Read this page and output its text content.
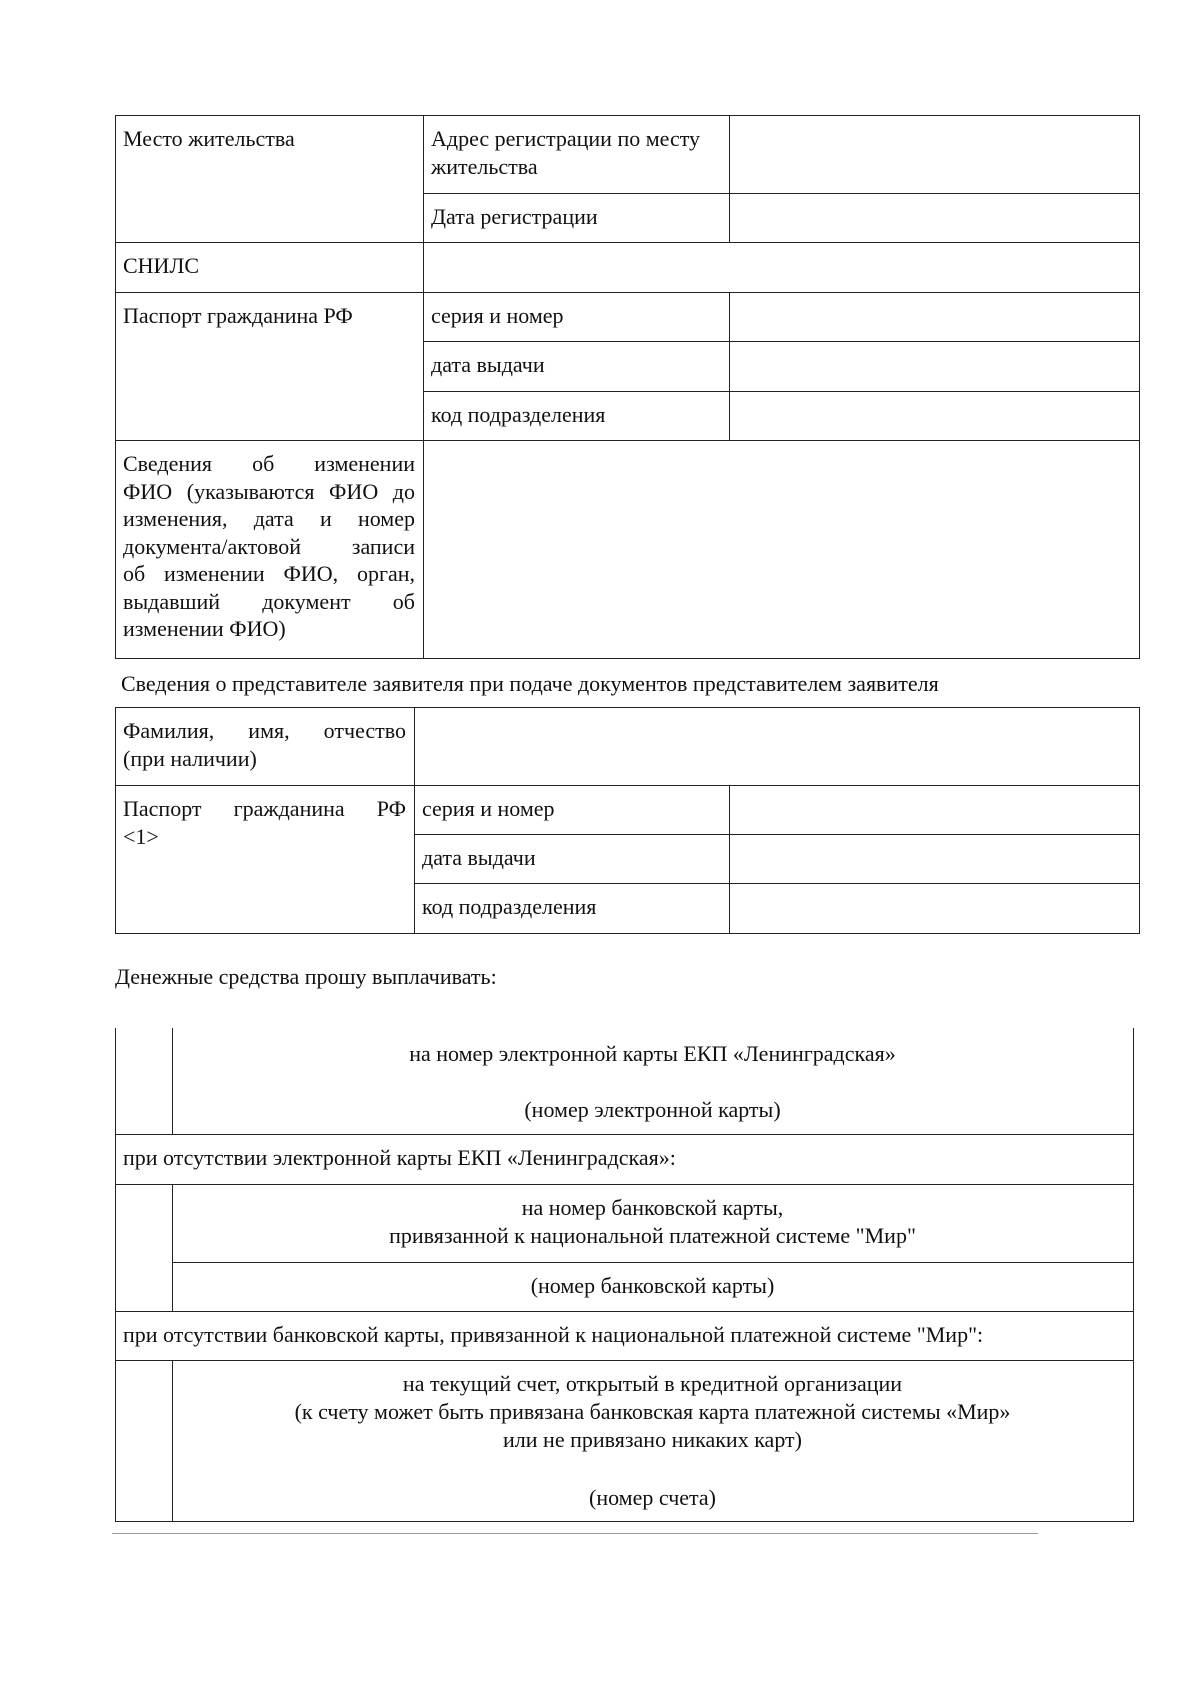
Место жительства	Адрес регистрации по месту жительства
Дата регистрации
СНИЛС
Паспорт гражданина РФ	серия и номер
дата выдачи
код подразделения
Сведения об изменении
ФИО (указываются ФИО до
изменения, дата и номер
документа/актовой записи
об изменении ФИО, орган,
выдавший документ об
изменении ФИО)
Сведения о представителе заявителя при подаче документов представителем заявителя
Фамилия, имя, отчество
(при наличии)
Паспорт гражданина РФ
<1>
серия и номер
дата выдачи
код подразделения
Денежные средства прошу выплачивать:
на номер электронной карты ЕКП «Ленинградская»
(номер электронной карты)
при отсутствии электронной карты ЕКП «Ленинградская»:
на номер банковской карты,
привязанной к национальной платежной системе "Мир"
(номер банковской карты)
при отсутствии банковской карты, привязанной к национальной платежной системе "Мир":
на текущий счет, открытый в кредитной организации
(к счету может быть привязана банковская карта платежной системы «Мир»
или не привязано никаких карт)
(номер счета)
